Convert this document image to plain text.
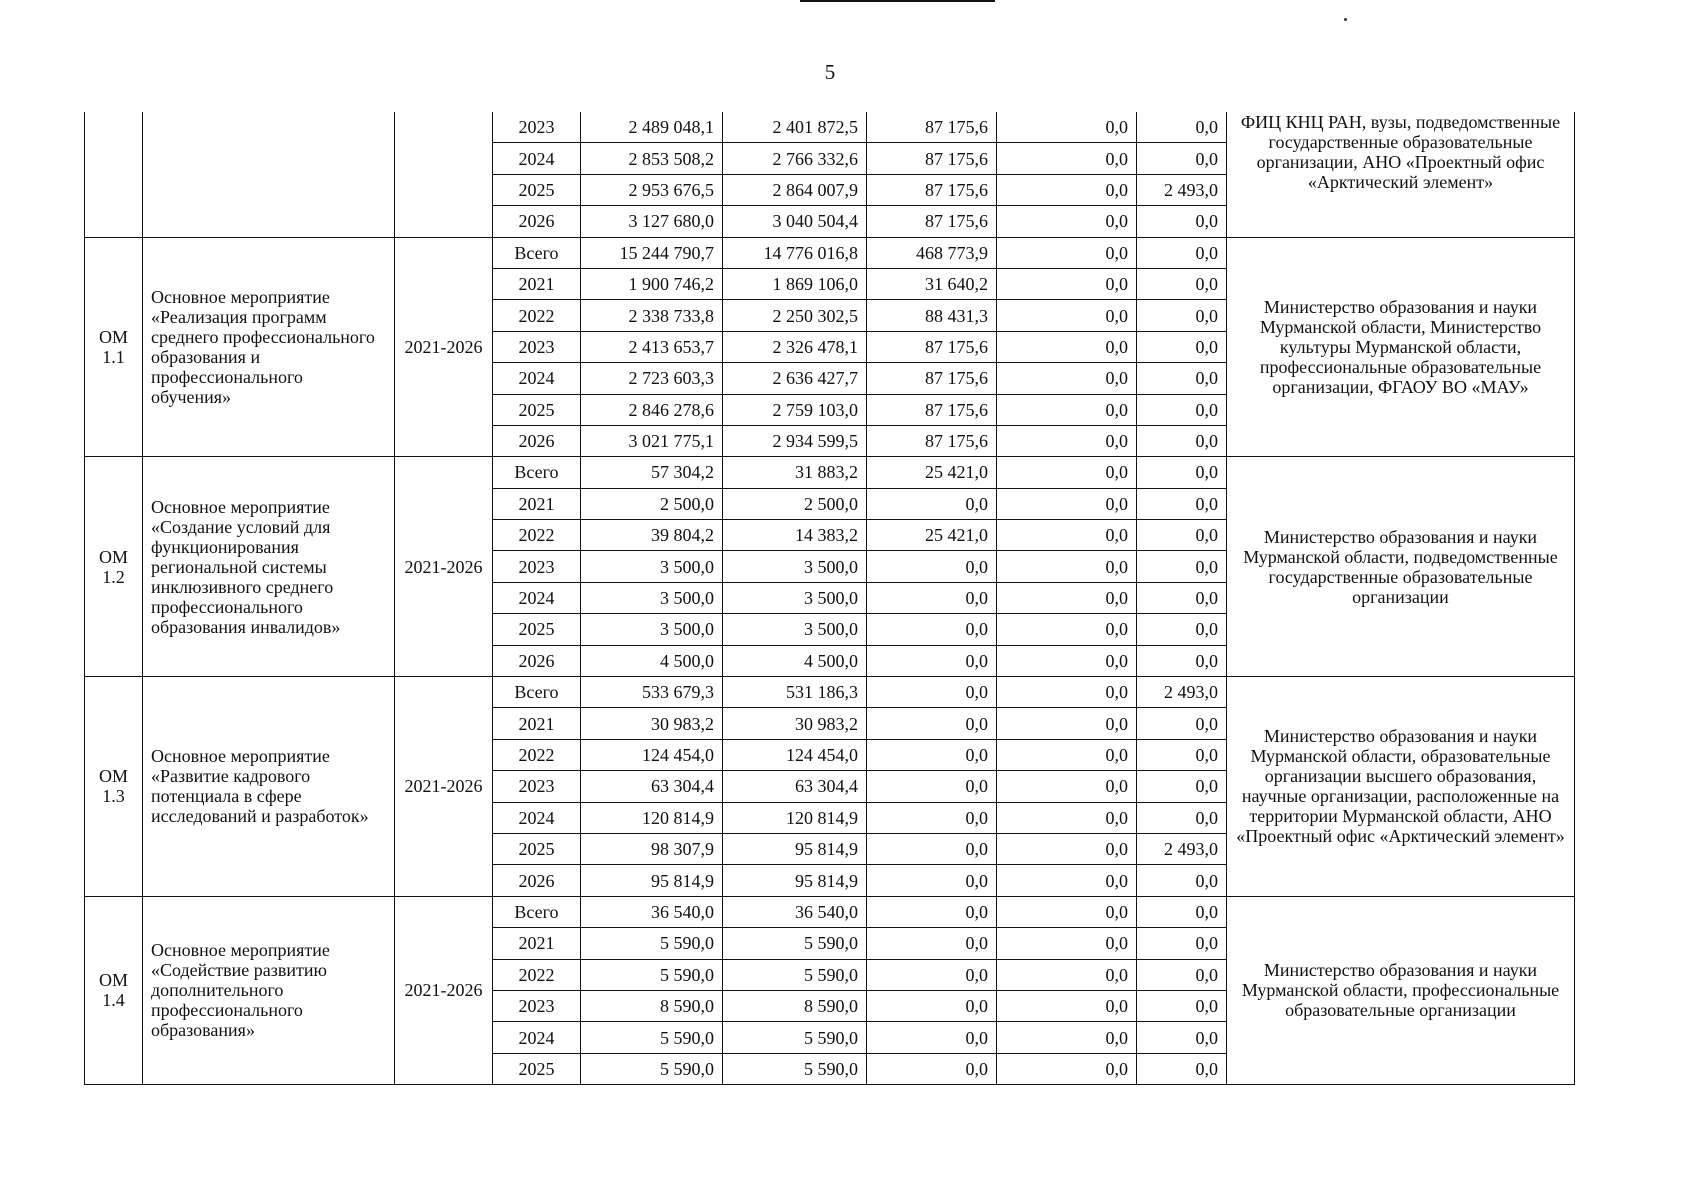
5
			2023	2 489 048,1	2 401 872,5	87 175,6	0,0	0,0	ФИЦ КНЦ РАН, вузы, подведомственные государственные образовательные организации, АНО «Проектный офис «Арктический элемент»
			2024	2 853 508,2	2 766 332,6	87 175,6	0,0	0,0	
			2025	2 953 676,5	2 864 007,9	87 175,6	0,0	2 493,0	
			2026	3 127 680,0	3 040 504,4	87 175,6	0,0	0,0	
ОМ 1.1	Основное мероприятие «Реализация программ среднего профессионального образования и профессионального обучения»	2021-2026	Всего	15 244 790,7	14 776 016,8	468 773,9	0,0	0,0	Министерство образования и науки Мурманской области, Министерство культуры Мурманской области, профессиональные образовательные организации, ФГАОУ ВО «МАУ»
			2021	1 900 746,2	1 869 106,0	31 640,2	0,0	0,0	
			2022	2 338 733,8	2 250 302,5	88 431,3	0,0	0,0	
			2023	2 413 653,7	2 326 478,1	87 175,6	0,0	0,0	
			2024	2 723 603,3	2 636 427,7	87 175,6	0,0	0,0	
			2025	2 846 278,6	2 759 103,0	87 175,6	0,0	0,0	
			2026	3 021 775,1	2 934 599,5	87 175,6	0,0	0,0	
ОМ 1.2	Основное мероприятие «Создание условий для функционирования региональной системы инклюзивного среднего профессионального образования инвалидов»	2021-2026	Всего	57 304,2	31 883,2	25 421,0	0,0	0,0	Министерство образования и науки Мурманской области, подведомственные государственные образовательные организации
			2021	2 500,0	2 500,0	0,0	0,0	0,0	
			2022	39 804,2	14 383,2	25 421,0	0,0	0,0	
			2023	3 500,0	3 500,0	0,0	0,0	0,0	
			2024	3 500,0	3 500,0	0,0	0,0	0,0	
			2025	3 500,0	3 500,0	0,0	0,0	0,0	
			2026	4 500,0	4 500,0	0,0	0,0	0,0	
ОМ 1.3	Основное мероприятие «Развитие кадрового потенциала в сфере исследований и разработок»	2021-2026	Всего	533 679,3	531 186,3	0,0	0,0	2 493,0	Министерство образования и науки Мурманской области, образовательные организации высшего образования, научные организации, расположенные на территории Мурманской области, АНО «Проектный офис «Арктический элемент»
			2021	30 983,2	30 983,2	0,0	0,0	0,0	
			2022	124 454,0	124 454,0	0,0	0,0	0,0	
			2023	63 304,4	63 304,4	0,0	0,0	0,0	
			2024	120 814,9	120 814,9	0,0	0,0	0,0	
			2025	98 307,9	95 814,9	0,0	0,0	2 493,0	
			2026	95 814,9	95 814,9	0,0	0,0	0,0	
ОМ 1.4	Основное мероприятие «Содействие развитию дополнительного профессионального образования»	2021-2026	Всего	36 540,0	36 540,0	0,0	0,0	0,0	Министерство образования и науки Мурманской области, профессиональные образовательные организации
			2021	5 590,0	5 590,0	0,0	0,0	0,0	
			2022	5 590,0	5 590,0	0,0	0,0	0,0	
			2023	8 590,0	8 590,0	0,0	0,0	0,0	
			2024	5 590,0	5 590,0	0,0	0,0	0,0	
			2025	5 590,0	5 590,0	0,0	0,0	0,0	
